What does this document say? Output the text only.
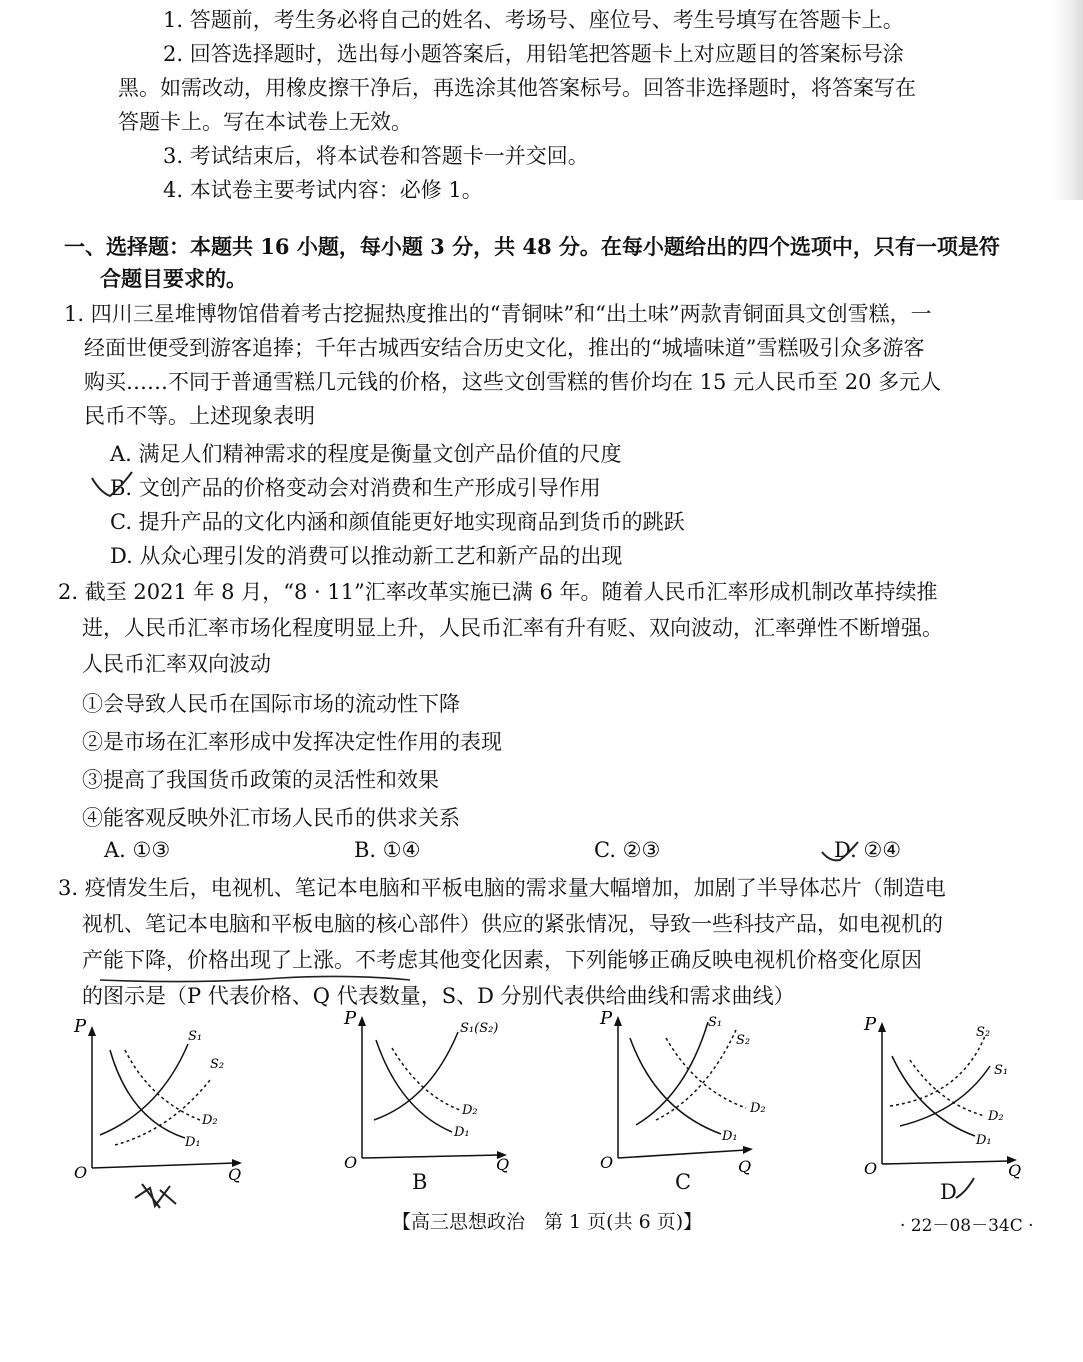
1. 答题前，考生务必将自己的姓名、考场号、座位号、考生号填写在答题卡上。
2. 回答选择题时，选出每小题答案后，用铅笔把答题卡上对应题目的答案标号涂
黑。如需改动，用橡皮擦干净后，再选涂其他答案标号。回答非选择题时，将答案写在
答题卡上。写在本试卷上无效。
3. 考试结束后，将本试卷和答题卡一并交回。
4. 本试卷主要考试内容：必修 1。
一、选择题：本题共 16 小题，每小题 3 分，共 48 分。在每小题给出的四个选项中，只有一项是符
合题目要求的。
1. 四川三星堆博物馆借着考古挖掘热度推出的“青铜味”和“出土味”两款青铜面具文创雪糕，一
经面世便受到游客追捧；千年古城西安结合历史文化，推出的“城墙味道”雪糕吸引众多游客
购买……不同于普通雪糕几元钱的价格，这些文创雪糕的售价均在 15 元人民币至 20 多元人
民币不等。上述现象表明
A. 满足人们精神需求的程度是衡量文创产品价值的尺度
B. 文创产品的价格变动会对消费和生产形成引导作用
C. 提升产品的文化内涵和颜值能更好地实现商品到货币的跳跃
D. 从众心理引发的消费可以推动新工艺和新产品的出现
2. 截至 2021 年 8 月，“8 · 11”汇率改革实施已满 6 年。随着人民币汇率形成机制改革持续推
进，人民币汇率市场化程度明显上升，人民币汇率有升有贬、双向波动，汇率弹性不断增强。
人民币汇率双向波动
①会导致人民币在国际市场的流动性下降
②是市场在汇率形成中发挥决定性作用的表现
③提高了我国货币政策的灵活性和效果
④能客观反映外汇市场人民币的供求关系
A. ①③	B. ①④	C. ②③	D. ②④
3. 疫情发生后，电视机、笔记本电脑和平板电脑的需求量大幅增加，加剧了半导体芯片（制造电
视机、笔记本电脑和平板电脑的核心部件）供应的紧张情况，导致一些科技产品，如电视机的
产能下降，价格出现了上涨。不考虑其他变化因素，下列能够正确反映电视机价格变化原因
的图示是（P 代表价格、Q 代表数量，S、D 分别代表供给曲线和需求曲线）
P
O	Q
S₁
S₂
D₂
D₁
P
O	Q
S₁(S₂)
D₂
D₁
B
P
O	Q
S₁
S₂
D₂
D₁
C
P
O	Q
S₂
S₁
D₂
D₁
D
【高三思想政治　第 1 页(共 6 页)】	· 22－08－34C ·
